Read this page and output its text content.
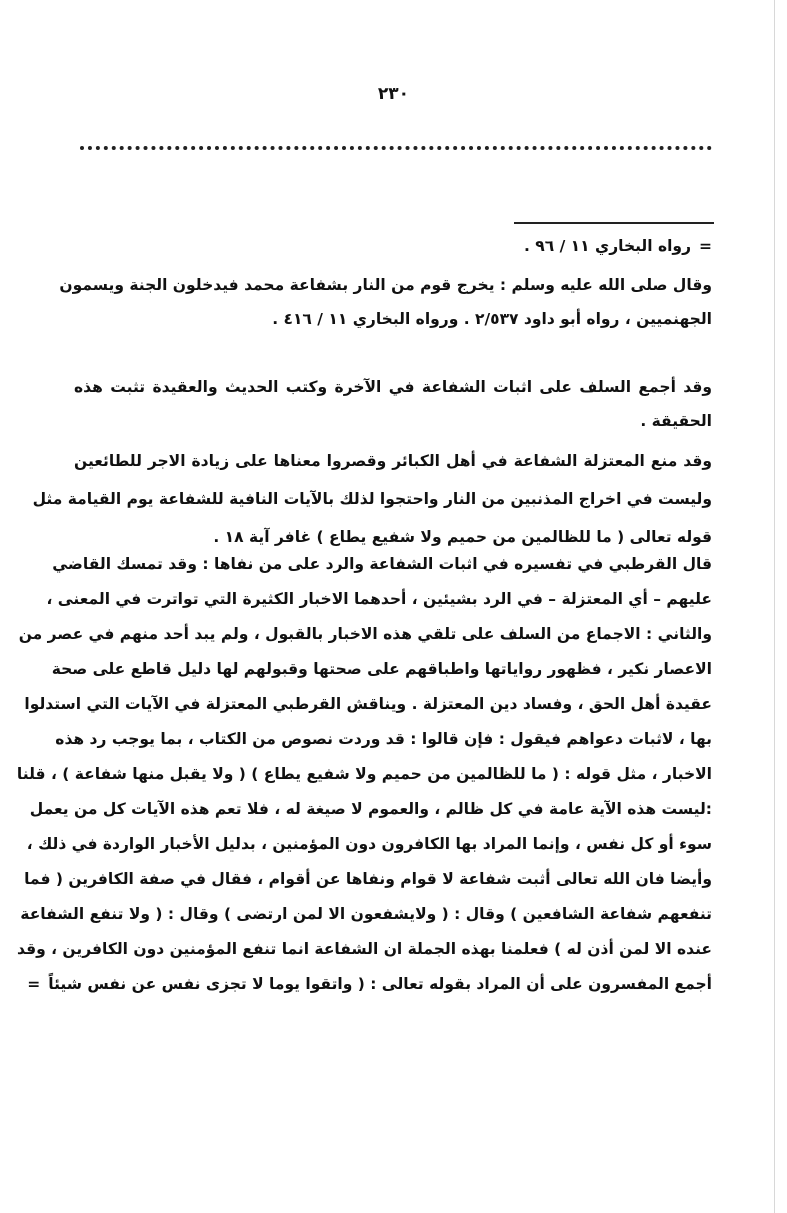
٢٣٠
=رواه البخاري ١١ / ٩٦ .
وقال صلى الله عليه وسلم : يخرج قوم من النار بشفاعة محمد فيدخلون الجنة ويسمون
الجهنميين ، رواه أبو داود ٢/٥٣٧ . ورواه البخاري ١١ / ٤١٦ .
وقد أجمع السلف على اثبات الشفاعة في الآخرة وكتب الحديث والعقيدة تثبت هذه
الحقيقة .
وقد منع المعتزلة الشفاعة في أهل الكبائر وقصروا معناها على زيادة الاجر للطائعين
وليست في اخراج المذنبين من النار واحتجوا لذلك بالآيات النافية للشفاعة يوم القيامة مثل
قوله تعالى ( ما للظالمين من حميم ولا شفيع يطاع ) غافر آية ١٨ .
قال القرطبي في تفسيره في اثبات الشفاعة والرد على من نفاها : وقد تمسك القاضي
عليهم – أي المعتزلة – في الرد بشيئين ، أحدهما الاخبار الكثيرة التي تواترت في المعنى ،
والثاني : الاجماع من السلف على تلقي هذه الاخبار بالقبول ، ولم يبد أحد منهم في عصر من
الاعصار نكير ، فظهور رواياتها واطباقهم على صحتها وقبولهم لها دليل قاطع على صحة
عقيدة أهل الحق ، وفساد دين المعتزلة . ويناقش القرطبي المعتزلة في الآيات التي استدلوا
بها ، لاثبات دعواهم فيقول : فإن قالوا : قد وردت نصوص من الكتاب ، بما يوجب رد هذه
الاخبار ، مثل قوله : ( ما للظالمين من حميم ولا شفيع يطاع ) ( ولا يقبل منها شفاعة ) ، قلنا
:ليست هذه الآية عامة في كل ظالم ، والعموم لا صيغة له ، فلا تعم هذه الآيات كل من يعمل
سوء أو كل نفس ، وإنما المراد بها الكافرون دون المؤمنين ، بدليل الأخبار الواردة في ذلك ،
وأيضا فان الله تعالى أثبت شفاعة لا قوام ونفاها عن أقوام ، فقال في صفة الكافرين ( فما
تنفعهم شفاعة الشافعين ) وقال : ( ولايشفعون الا لمن ارتضى ) وقال : ( ولا تنفع الشفاعة
عنده الا لمن أذن له ) فعلمنا بهذه الجملة ان الشفاعة انما تنفع المؤمنين دون الكافرين ، وقد
أجمع المفسرون على أن المراد بقوله تعالى : ( واتقوا يوما لا تجزى نفس عن نفس شيئاً=
